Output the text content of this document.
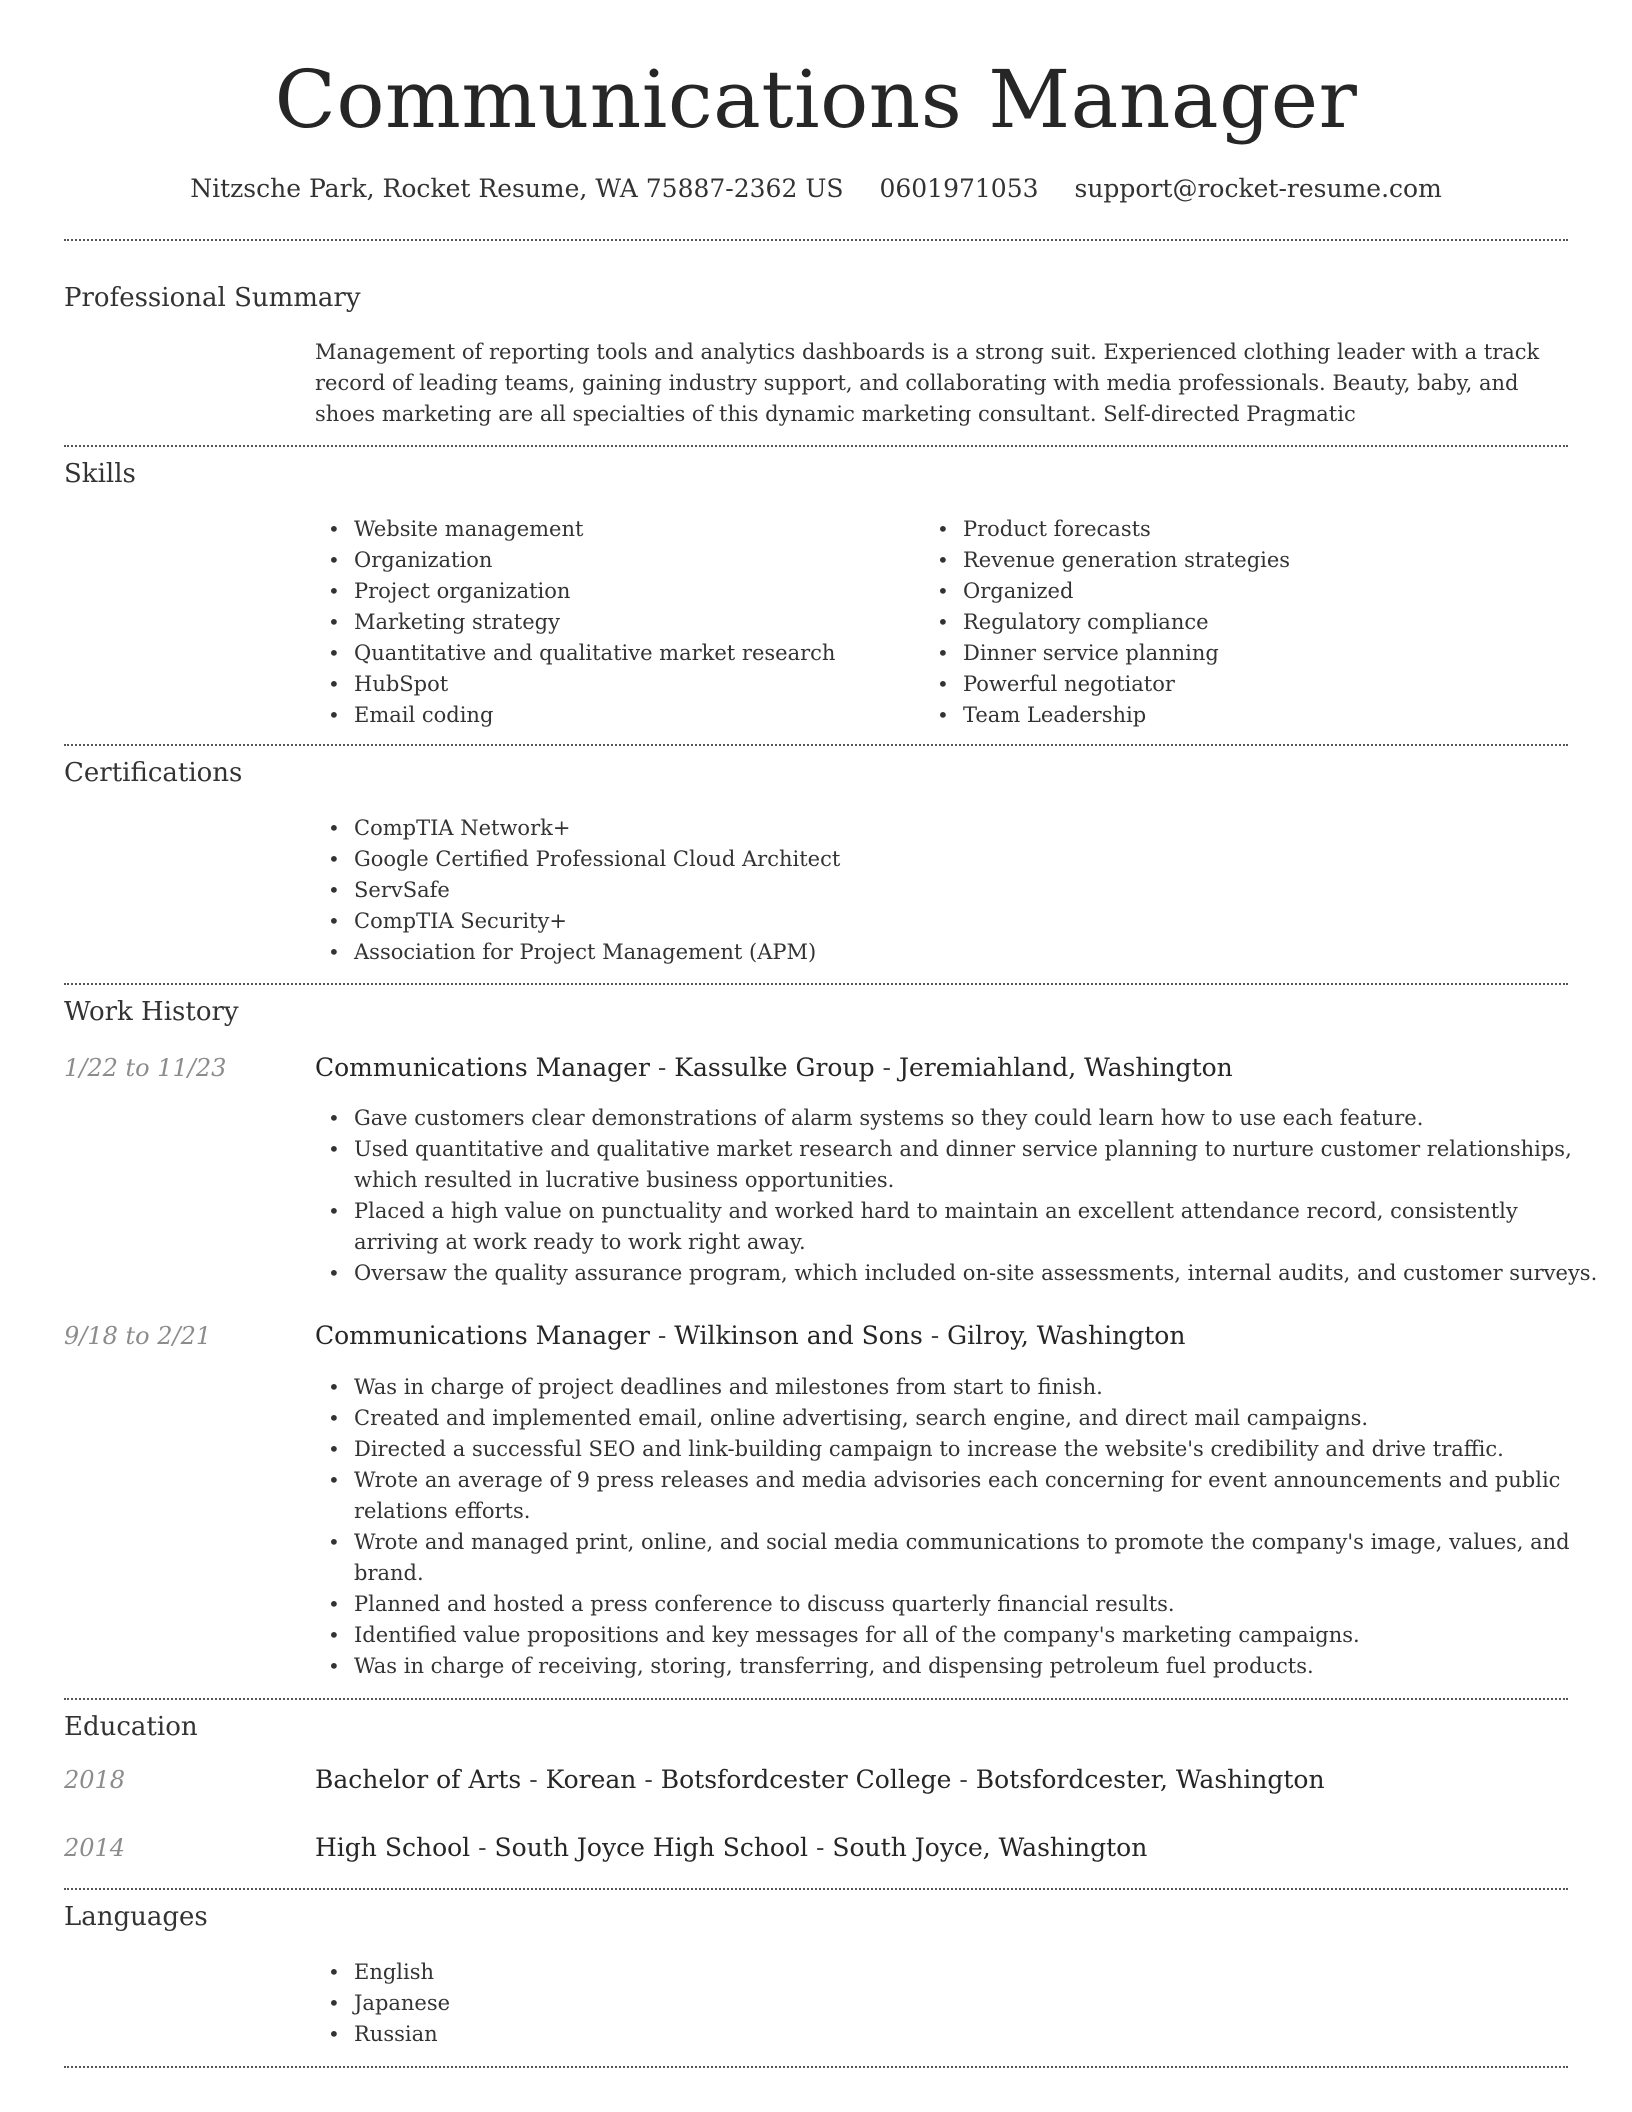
Communications Manager
Nitzsche Park, Rocket Resume, WA 75887-2362 US 0601971053 support@rocket-resume.com
Professional Summary
Management of reporting tools and analytics dashboards is a strong suit. Experienced clothing leader with a track record of leading teams, gaining industry support, and collaborating with media professionals. Beauty, baby, and shoes marketing are all specialties of this dynamic marketing consultant. Self-directed Pragmatic
Skills
• Website management
• Organization
• Project organization
• Marketing strategy
• Quantitative and qualitative market research
• HubSpot
• Email coding
• Product forecasts
• Revenue generation strategies
• Organized
• Regulatory compliance
• Dinner service planning
• Powerful negotiator
• Team Leadership
Certifications
• CompTIA Network+
• Google Certified Professional Cloud Architect
• ServSafe
• CompTIA Security+
• Association for Project Management (APM)
Work History
1/22 to 11/23	Communications Manager - Kassulke Group - Jeremiahland, Washington
• Gave customers clear demonstrations of alarm systems so they could learn how to use each feature.
• Used quantitative and qualitative market research and dinner service planning to nurture customer relationships, which resulted in lucrative business opportunities.
• Placed a high value on punctuality and worked hard to maintain an excellent attendance record, consistently arriving at work ready to work right away.
• Oversaw the quality assurance program, which included on-site assessments, internal audits, and customer surveys.
9/18 to 2/21	Communications Manager - Wilkinson and Sons - Gilroy, Washington
• Was in charge of project deadlines and milestones from start to finish.
• Created and implemented email, online advertising, search engine, and direct mail campaigns.
• Directed a successful SEO and link-building campaign to increase the website's credibility and drive traffic.
• Wrote an average of 9 press releases and media advisories each concerning for event announcements and public relations efforts.
• Wrote and managed print, online, and social media communications to promote the company's image, values, and brand.
• Planned and hosted a press conference to discuss quarterly financial results.
• Identified value propositions and key messages for all of the company's marketing campaigns.
• Was in charge of receiving, storing, transferring, and dispensing petroleum fuel products.
Education
2018	Bachelor of Arts - Korean - Botsfordcester College - Botsfordcester, Washington
2014	High School - South Joyce High School - South Joyce, Washington
Languages
• English
• Japanese
• Russian
